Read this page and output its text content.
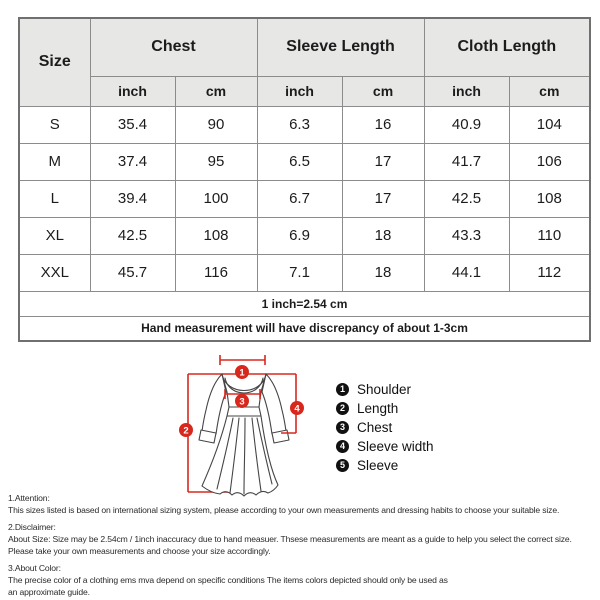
Size	Chest		Sleeve Length		Cloth Length	
	inch	cm	inch	cm	inch	cm
S	35.4	90	6.3	16	40.9	104
M	37.4	95	6.5	17	41.7	106
L	39.4	100	6.7	17	42.5	108
XL	42.5	108	6.9	18	43.3	110
XXL	45.7	116	7.1	18	44.1	112
1 inch=2.54 cm						
Hand measurement will have discrepancy of about 1-3cm						
1
2
3
4
1 Shoulder
2 Length
3 Chest
4 Sleeve width
5 Sleeve

1.Attention:

This sizes listed is based on international sizing system, please according to your own measurements and dressing habits to choose your suitable size.

2.Disclaimer:

About Size: Size may be 2.54cm / 1inch inaccuracy due to hand measuer. Thsese measurements are meant as a guide to help you select the correct size.

Please take your own measurements and choose your size accordingly.

3.About Color:

The precise color of a clothing ems mva depend on specific conditions The items colors depicted should only be used as

an approximate guide.
